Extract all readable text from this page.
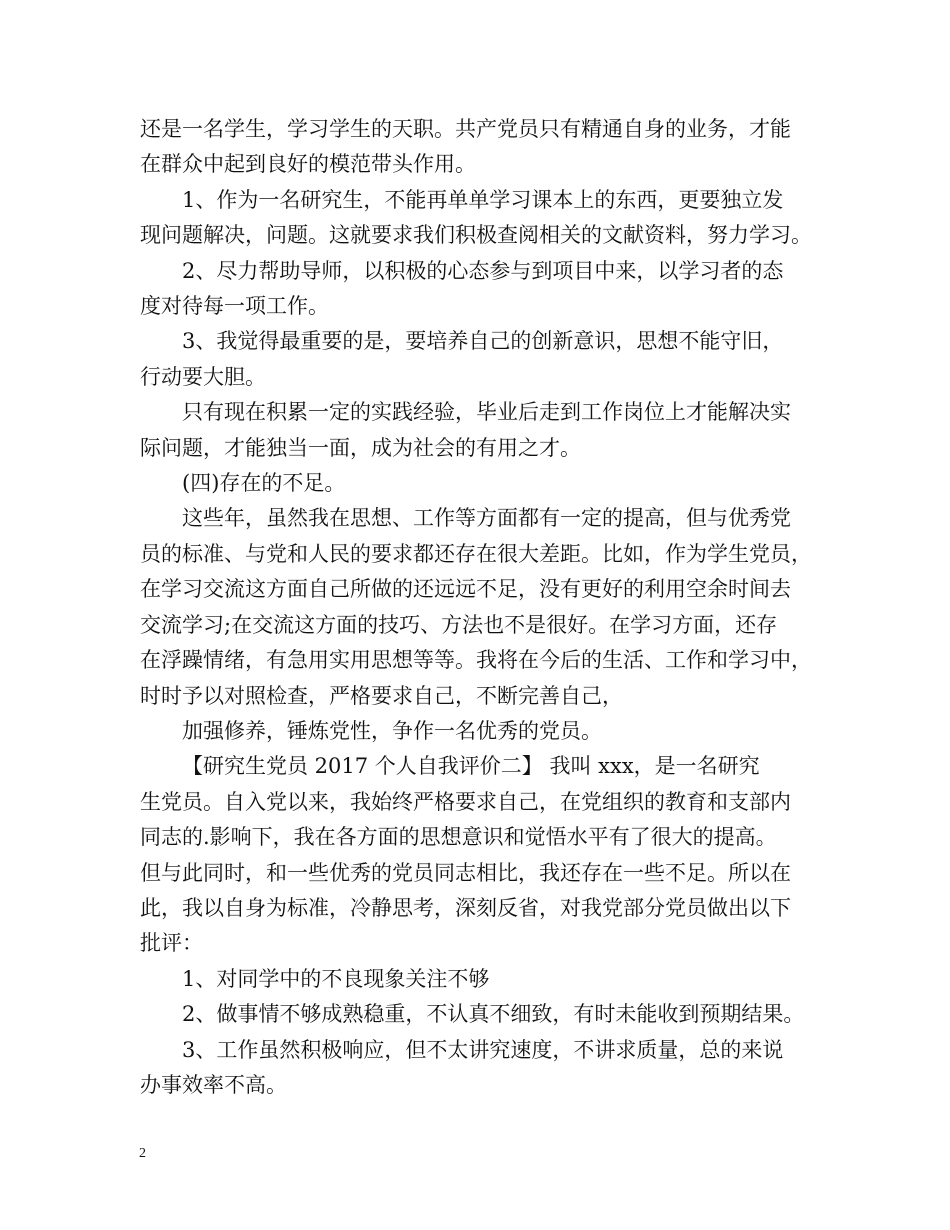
还是一名学生，学习学生的天职。共产党员只有精通自身的业务，才能
在群众中起到良好的模范带头作用。
1、作为一名研究生，不能再单单学习课本上的东西，更要独立发
现问题解决，问题。这就要求我们积极查阅相关的文献资料，努力学习。
2、尽力帮助导师，以积极的心态参与到项目中来，以学习者的态
度对待每一项工作。
3、我觉得最重要的是，要培养自己的创新意识，思想不能守旧，
行动要大胆。
只有现在积累一定的实践经验，毕业后走到工作岗位上才能解决实
际问题，才能独当一面，成为社会的有用之才。
(四)存在的不足。
这些年，虽然我在思想、工作等方面都有一定的提高，但与优秀党
员的标准、与党和人民的要求都还存在很大差距。比如，作为学生党员，
在学习交流这方面自己所做的还远远不足，没有更好的利用空余时间去
交流学习;在交流这方面的技巧、方法也不是很好。在学习方面，还存
在浮躁情绪，有急用实用思想等等。我将在今后的生活、工作和学习中，
时时予以对照检查，严格要求自己，不断完善自己，
加强修养，锤炼党性，争作一名优秀的党员。
【研究生党员 2017 个人自我评价二】 我叫 xxx，是一名研究
生党员。自入党以来，我始终严格要求自己，在党组织的教育和支部内
同志的.影响下，我在各方面的思想意识和觉悟水平有了很大的提高。
但与此同时，和一些优秀的党员同志相比，我还存在一些不足。所以在
此，我以自身为标准，冷静思考，深刻反省，对我党部分党员做出以下
批评：
1、对同学中的不良现象关注不够
2、做事情不够成熟稳重，不认真不细致，有时未能收到预期结果。
3、工作虽然积极响应，但不太讲究速度，不讲求质量，总的来说
办事效率不高。
2
